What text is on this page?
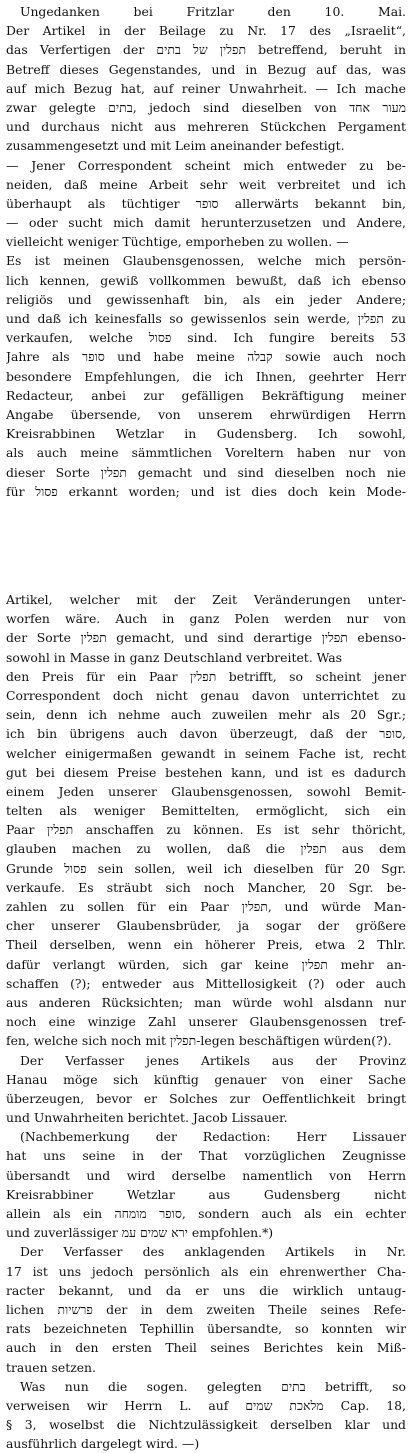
Ungedanken bei Fritzlar den 10. Mai.
Der Artikel in der Beilage zu Nr. 17 des „Israelit“,
das Verfertigen der תפלין של בתים betreffend, beruht in
Betreff dieses Gegenstandes, und in Bezug auf das, was
auf mich Bezug hat, auf reiner Unwahrheit. — Ich mache
zwar gelegte בתים, jedoch sind dieselben von מעור אחד
und durchaus nicht aus mehreren Stückchen Pergament
zusammengesetzt und mit Leim aneinander befestigt.
— Jener Correspondent scheint mich entweder zu be-
neiden, daß meine Arbeit sehr weit verbreitet und ich
überhaupt als tüchtiger סופר allerwärts bekannt bin,
— oder sucht mich damit herunterzusetzen und Andere,
vielleicht weniger Tüchtige, emporheben zu wollen. —
Es ist meinen Glaubensgenossen, welche mich persön-
lich kennen, gewiß vollkommen bewußt, daß ich ebenso
religiös und gewissenhaft bin, als ein jeder Andere;
und daß ich keinesfalls so gewissenlos sein werde, תפלין zu
verkaufen, welche פסול sind. Ich fungire bereits 53
Jahre als סופר und habe meine קבלה sowie auch noch
besondere Empfehlungen, die ich Ihnen, geehrter Herr
Redacteur, anbei zur gefälligen Bekräftigung meiner
Angabe übersende, von unserem ehrwürdigen Herrn
Kreisrabbinen Wetzlar in Gudensberg. Ich sowohl,
als auch meine sämmtlichen Voreltern haben nur von
dieser Sorte תפלין gemacht und sind dieselben noch nie
für פסול erkannt worden; und ist dies doch kein Mode-
Artikel, welcher mit der Zeit Veränderungen unter-
worfen wäre. Auch in ganz Polen werden nur von
der Sorte תפלין gemacht, und sind derartige תפלין ebenso-
sowohl in Masse in ganz Deutschland verbreitet. Was
den Preis für ein Paar תפלין betrifft, so scheint jener
Correspondent doch nicht genau davon unterrichtet zu
sein, denn ich nehme auch zuweilen mehr als 20 Sgr.;
ich bin übrigens auch davon überzeugt, daß der סופר,
welcher einigermaßen gewandt in seinem Fache ist, recht
gut bei diesem Preise bestehen kann, und ist es dadurch
einem Jeden unserer Glaubensgenossen, sowohl Bemit-
telten als weniger Bemittelten, ermöglicht, sich ein
Paar תפלין anschaffen zu können. Es ist sehr thöricht,
glauben machen zu wollen, daß die תפלין aus dem
Grunde פסול sein sollen, weil ich dieselben für 20 Sgr.
verkaufe. Es sträubt sich noch Mancher, 20 Sgr. be-
zahlen zu sollen für ein Paar תפלין, und würde Man-
cher unserer Glaubensbrüder, ja sogar der größere
Theil derselben, wenn ein höherer Preis, etwa 2 Thlr.
dafür verlangt würden, sich gar keine תפלין mehr an-
schaffen (?); entweder aus Mittellosigkeit (?) oder auch
aus anderen Rücksichten; man würde wohl alsdann nur
noch eine winzige Zahl unserer Glaubensgenossen tref-
fen, welche sich noch mit תפלין-legen beschäftigen würden(?).
Der Verfasser jenes Artikels aus der Provinz
Hanau möge sich künftig genauer von einer Sache
überzeugen, bevor er Solches zur Oeffentlichkeit bringt
und Unwahrheiten berichtet. Jacob Lissauer.
(Nachbemerkung der Redaction: Herr Lissauer
hat uns seine in der That vorzüglichen Zeugnisse
übersandt und wird derselbe namentlich von Herrn
Kreisrabbiner Wetzlar aus Gudensberg nicht
allein als ein סופר מומחה, sondern auch als ein echter
und zuverlässiger ירא שמים עמ empfohlen.*)
Der Verfasser des anklagenden Artikels in Nr.
17 ist uns jedoch persönlich als ein ehrenwerther Cha-
racter bekannt, und da er uns die wirklich untaug-
lichen פרשיות der in dem zweiten Theile seines Refe-
rats bezeichneten Tephillin übersandte, so konnten wir
auch in den ersten Theil seines Berichtes kein Miß-
trauen setzen.
Was nun die sogen. gelegten בתים betrifft, so
verweisen wir Herrn L. auf מלאכת שמים Cap. 18,
§ 3, woselbst die Nichtzulässigkeit derselben klar und
ausführlich dargelegt wird. —)
